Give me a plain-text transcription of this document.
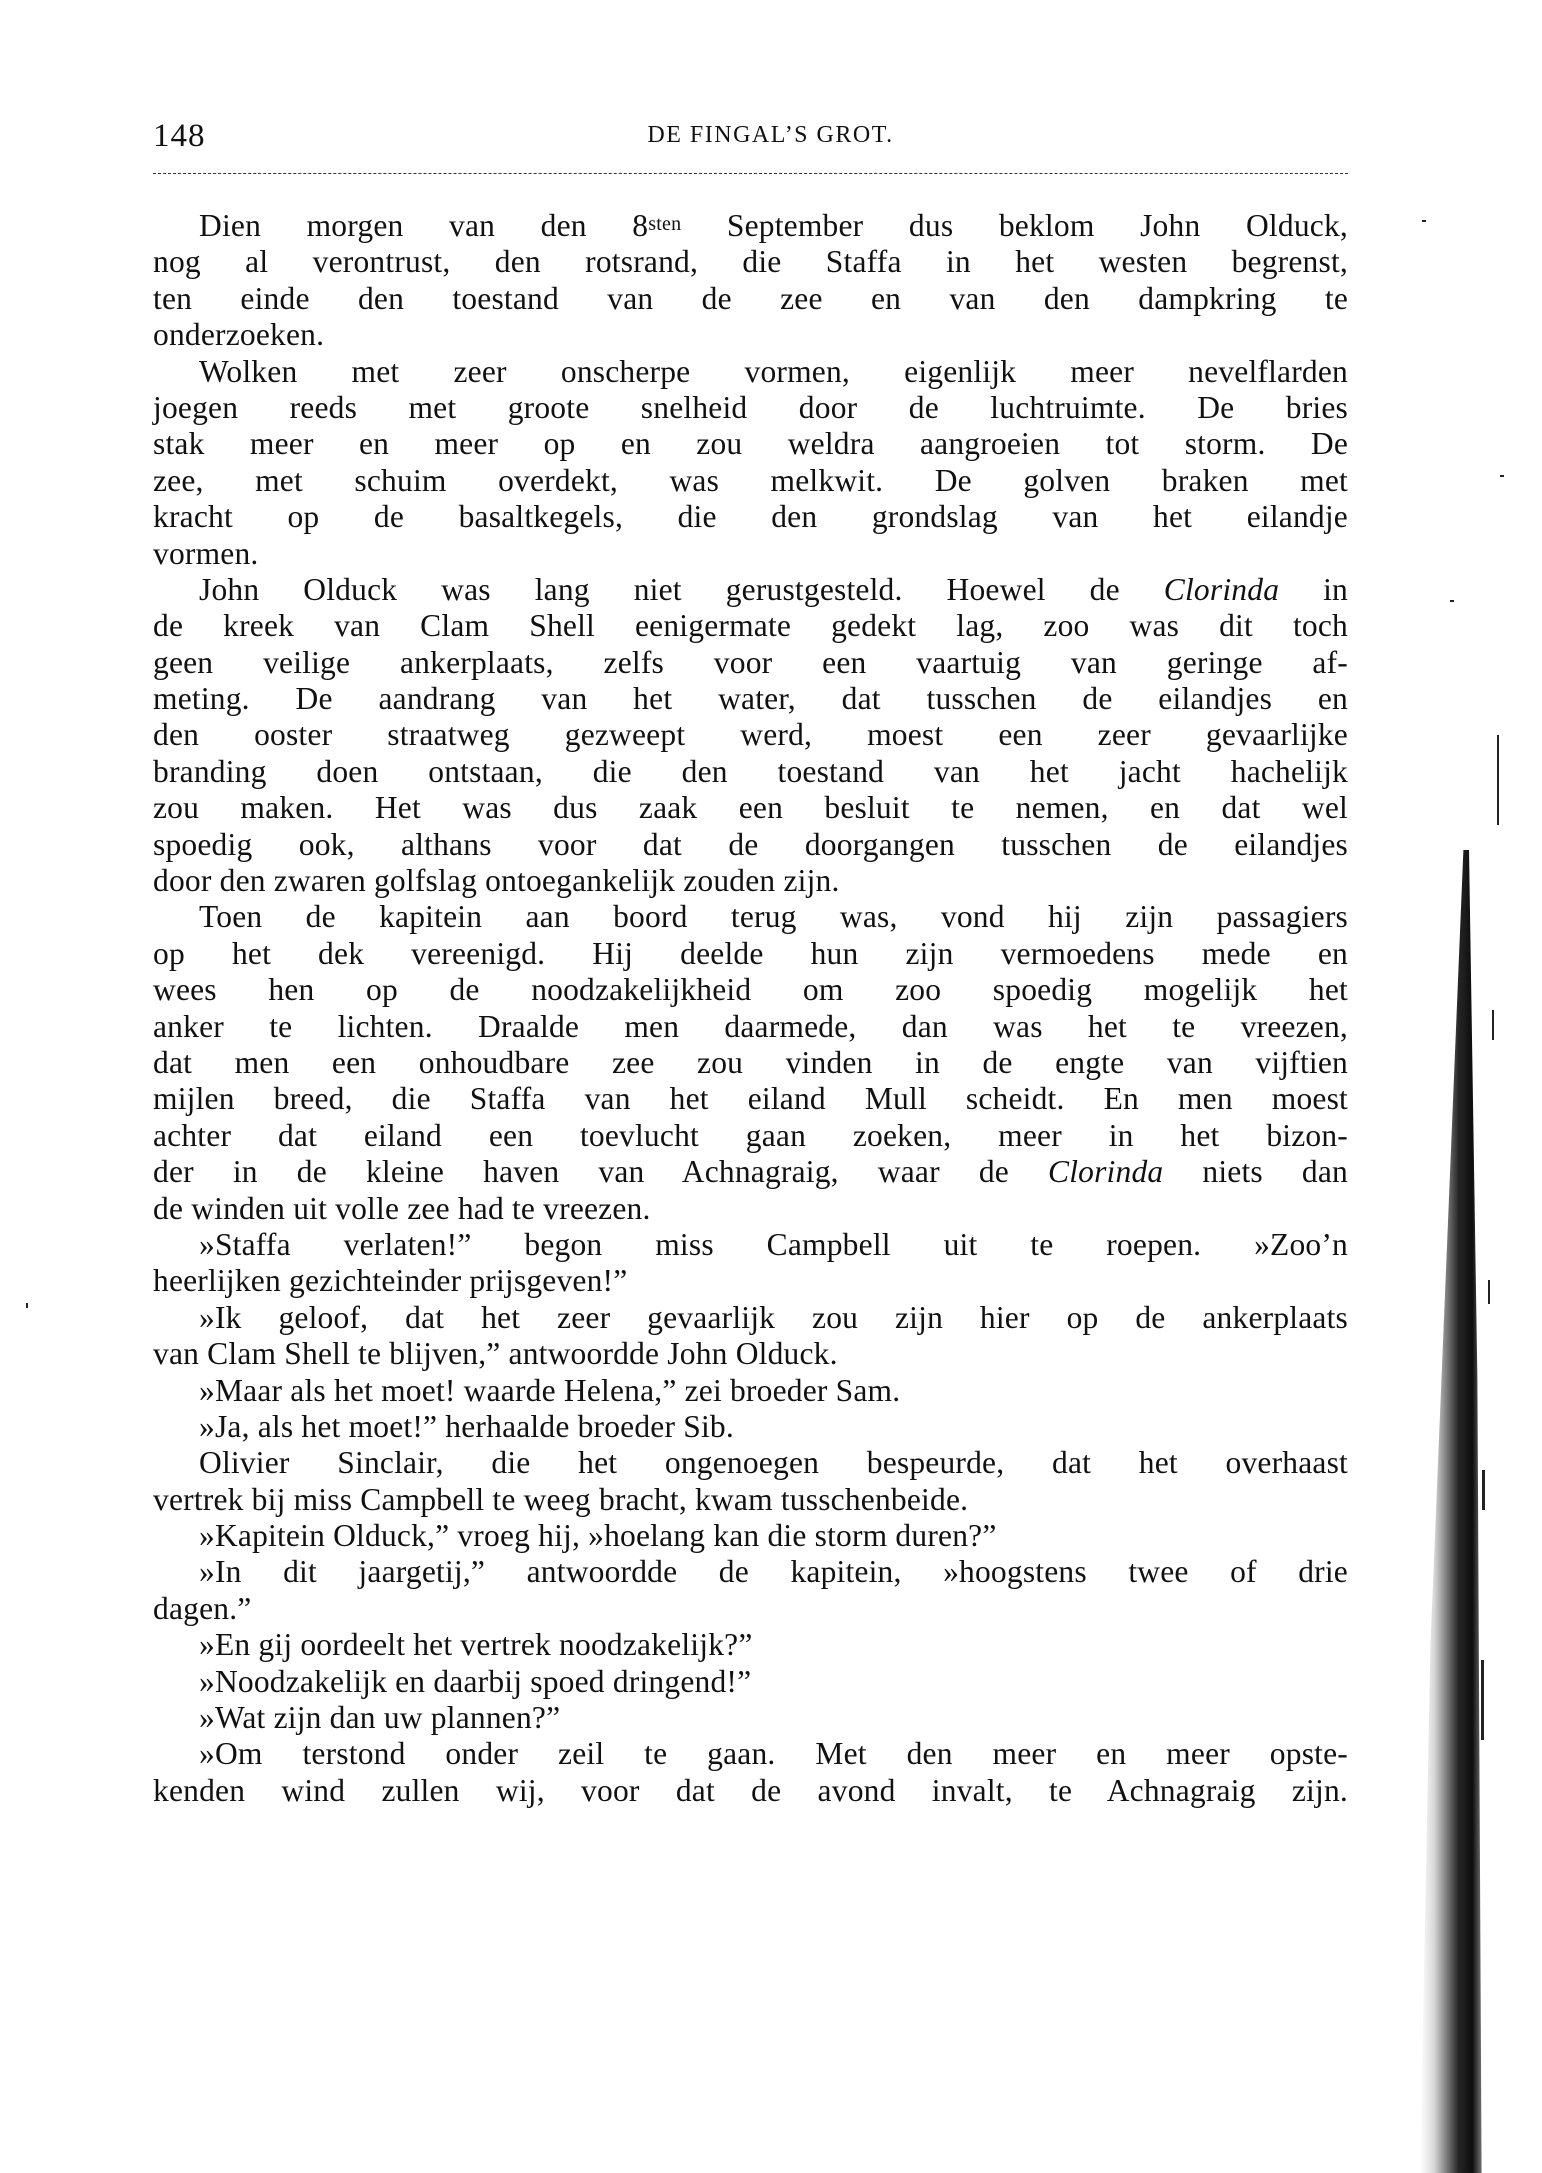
148	DE FINGAL’S GROT.
Dien morgen van den $8^{sten}$ September dus beklom John Olduck,
nog al verontrust, den rotsrand, die Staffa in het westen begrenst,
ten einde den toestand van de zee en van den dampkring te
onderzoeken.
Wolken met zeer onscherpe vormen, eigenlijk meer nevelflarden
joegen reeds met groote snelheid door de luchtruimte. De bries
stak meer en meer op en zou weldra aangroeien tot storm. De
zee, met schuim overdekt, was melkwit. De golven braken met
kracht op de basaltkegels, die den grondslag van het eilandje
vormen.
John Olduck was lang niet gerustgesteld. Hoewel de Clorinda in
de kreek van Clam Shell eenigermate gedekt lag, zoo was dit toch
geen veilige ankerplaats, zelfs voor een vaartuig van geringe af-
meting. De aandrang van het water, dat tusschen de eilandjes en
den ooster straatweg gezweept werd, moest een zeer gevaarlijke
branding doen ontstaan, die den toestand van het jacht hachelijk
zou maken. Het was dus zaak een besluit te nemen, en dat wel
spoedig ook, althans voor dat de doorgangen tusschen de eilandjes
door den zwaren golfslag ontoegankelijk zouden zijn.
Toen de kapitein aan boord terug was, vond hij zijn passagiers
op het dek vereenigd. Hij deelde hun zijn vermoedens mede en
wees hen op de noodzakelijkheid om zoo spoedig mogelijk het
anker te lichten. Draalde men daarmede, dan was het te vreezen,
dat men een onhoudbare zee zou vinden in de engte van vijftien
mijlen breed, die Staffa van het eiland Mull scheidt. En men moest
achter dat eiland een toevlucht gaan zoeken, meer in het bizon-
der in de kleine haven van Achnagraig, waar de Clorinda niets dan
de winden uit volle zee had te vreezen.
»Staffa verlaten!” begon miss Campbell uit te roepen. »Zoo’n
heerlijken gezichteinder prijsgeven!”
»Ik geloof, dat het zeer gevaarlijk zou zijn hier op de ankerplaats
van Clam Shell te blijven,” antwoordde John Olduck.
»Maar als het moet! waarde Helena,” zei broeder Sam.
»Ja, als het moet!” herhaalde broeder Sib.
Olivier Sinclair, die het ongenoegen bespeurde, dat het overhaast
vertrek bij miss Campbell te weeg bracht, kwam tusschenbeide.
»Kapitein Olduck,” vroeg hij, »hoelang kan die storm duren?”
»In dit jaargetij,” antwoordde de kapitein, »hoogstens twee of drie
dagen.”
»En gij oordeelt het vertrek noodzakelijk?”
»Noodzakelijk en daarbij spoed dringend!”
»Wat zijn dan uw plannen?”
»Om terstond onder zeil te gaan. Met den meer en meer opste-
kenden wind zullen wij, voor dat de avond invalt, te Achnagraig zijn.
